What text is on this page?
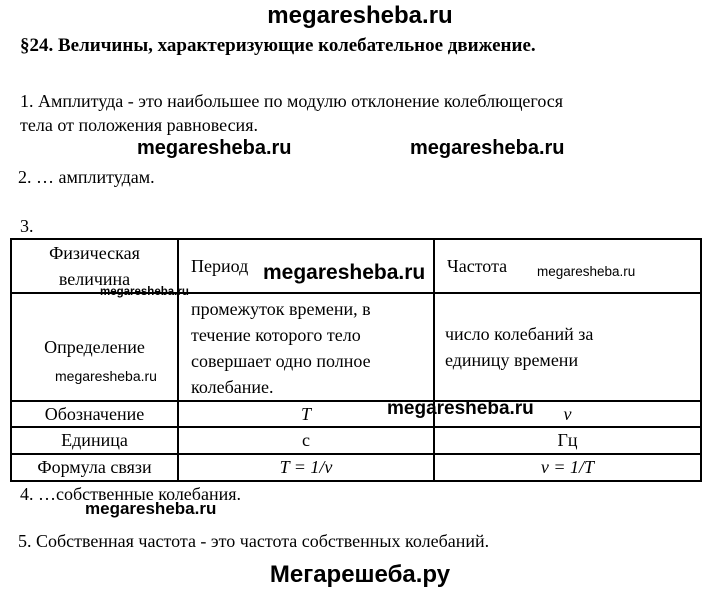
megaresheba.ru
§24. Величины, характеризующие колебательное движение.
1. Амплитуда - это наибольшее по модулю отклонение колеблющегося тела от положения равновесия.
megaresheba.ru	megaresheba.ru
2. … амплитудам.
3.
Физическая величина	Период	Частота
Определение	промежуток времени, в течение которого тело совершает одно полное колебание.	число колебаний за единицу времени

Обозначение	T	ν
Единица	с	Гц
Формула связи	T = 1/ν	ν = 1/T
megaresheba.ru	megaresheba.ru
megaresheba.ru
megaresheba.ru
megaresheba.ru
megaresheba.ru
4. …собственные колебания.
5. Собственная частота - это частота собственных колебаний.
Мегарешеба.ру
